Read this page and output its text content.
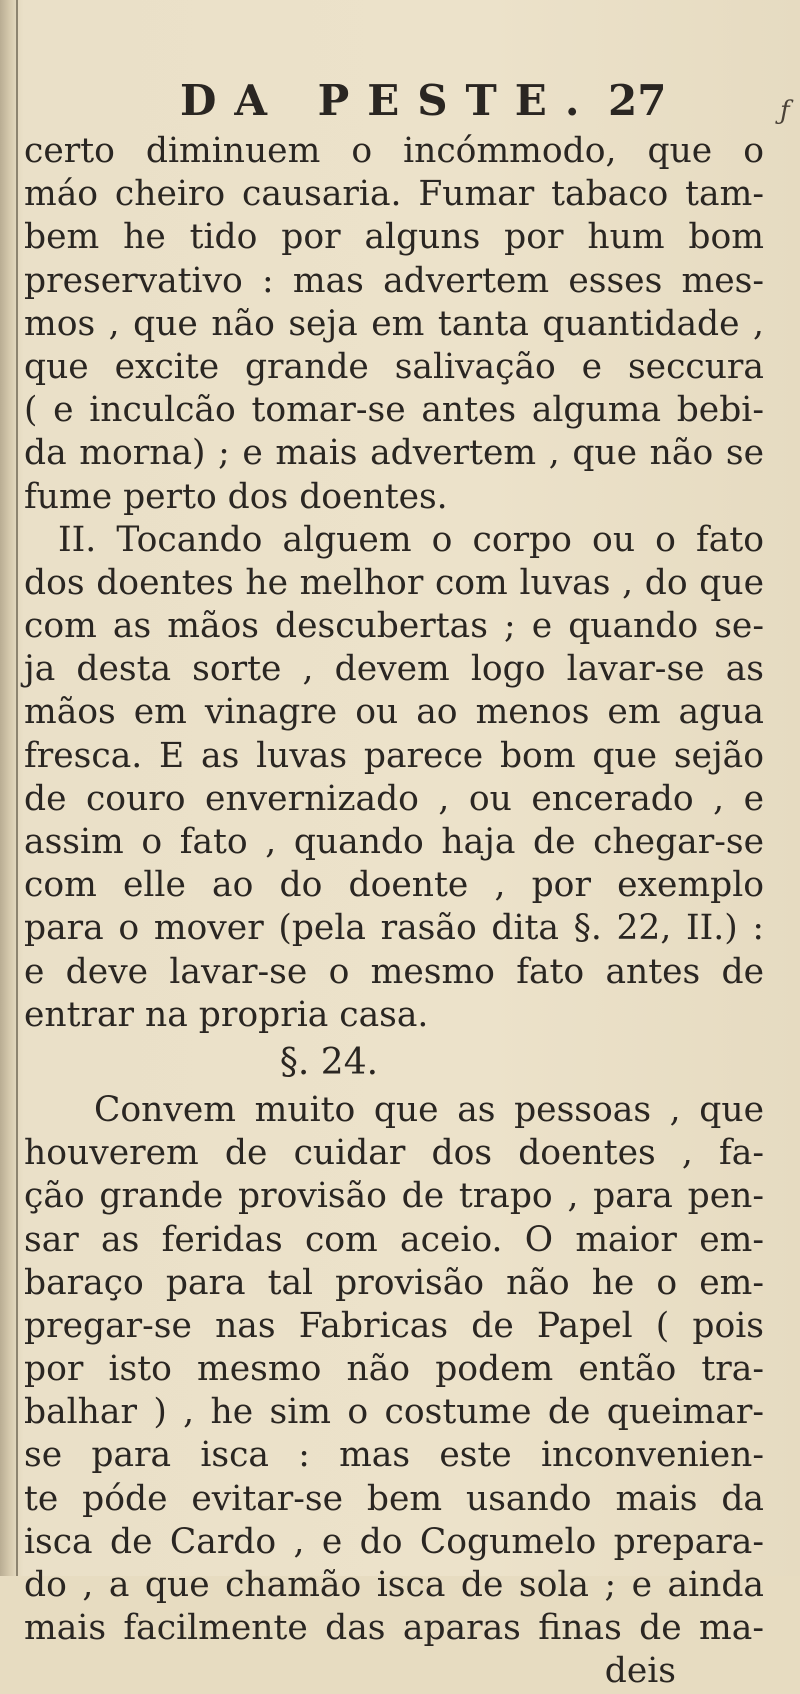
DA PESTE. 27	ƒ
certo diminuem o incómmodo, que o
máo cheiro causaria. Fumar tabaco tam-
bem he tido por alguns por hum bom
preservativo : mas advertem esses mes-
mos , que não seja em tanta quantidade ,
que excite grande salivação e seccura
( e inculcão tomar-se antes alguma bebi-
da morna) ; e mais advertem , que não se
fume perto dos doentes.
II. Tocando alguem o corpo ou o fato
dos doentes he melhor com luvas , do que
com as mãos descubertas ; e quando se-
ja desta sorte , devem logo lavar-se as
mãos em vinagre ou ao menos em agua
fresca. E as luvas parece bom que sejão
de couro envernizado , ou encerado , e
assim o fato , quando haja de chegar-se
com elle ao do doente , por exemplo
para o mover (pela rasão dita §. 22, II.) :
e deve lavar-se o mesmo fato antes de
entrar na propria casa.
§. 24.
Convem muito que as pessoas , que
houverem de cuidar dos doentes , fa-
ção grande provisão de trapo , para pen-
sar as feridas com aceio. O maior em-
baraço para tal provisão não he o em-
pregar-se nas Fabricas de Papel ( pois
por isto mesmo não podem então tra-
balhar ) , he sim o costume de queimar-
se para isca : mas este inconvenien-
te póde evitar-se bem usando mais da
isca de Cardo , e do Cogumelo prepara-
do , a que chamão isca de sola ; e ainda
mais facilmente das aparas finas de ma-
deis
